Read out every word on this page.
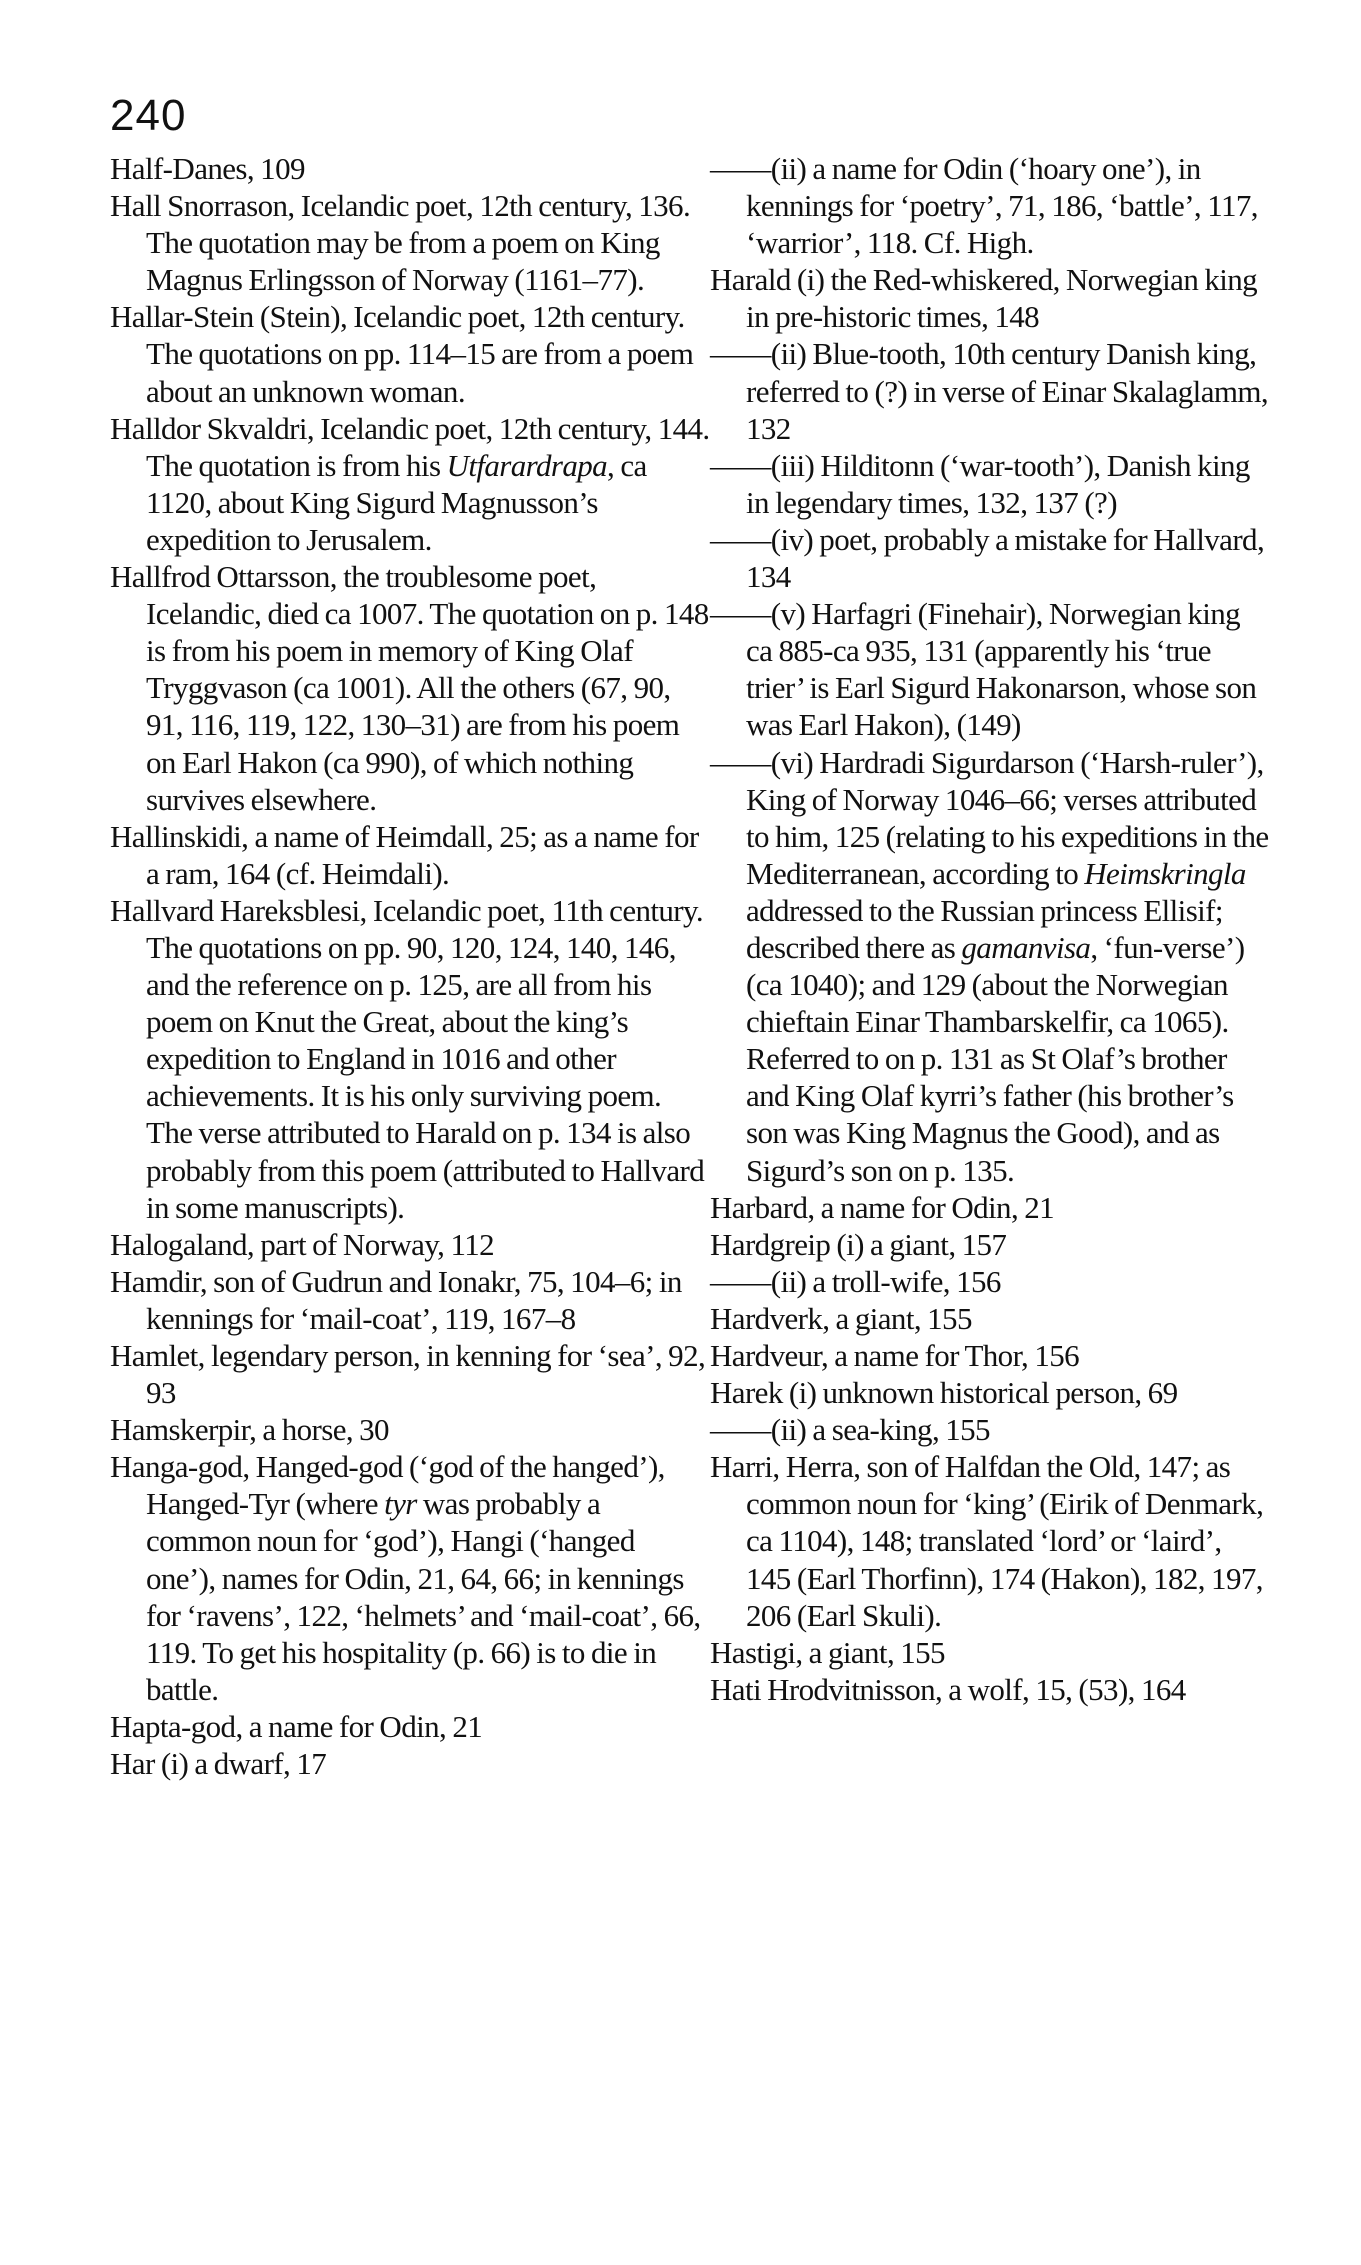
240

Half-Danes, 109

Hall Snorrason, Icelandic poet, 12th century, 136. The quotation may be from a poem on King Magnus Erlingsson of Norway (1161–77).

Hallar-Stein (Stein), Icelandic poet, 12th century. The quotations on pp. 114–15 are from a poem about an unknown woman.

Halldor Skvaldri, Icelandic poet, 12th century, 144. The quotation is from his Utfarardrapa, ca 1120, about King Sigurd Magnusson’s expedition to Jerusalem.

Hallfrod Ottarsson, the troublesome poet, Icelandic, died ca 1007. The quotation on p. 148 is from his poem in memory of King Olaf Tryggvason (ca 1001). All the others (67, 90, 91, 116, 119, 122, 130–31) are from his poem on Earl Hakon (ca 990), of which nothing survives elsewhere.

Hallinskidi, a name of Heimdall, 25; as a name for a ram, 164 (cf. Heimdali).

Hallvard Hareksblesi, Icelandic poet, 11th century. The quotations on pp. 90, 120, 124, 140, 146, and the reference on p. 125, are all from his poem on Knut the Great, about the king’s expedition to England in 1016 and other achievements. It is his only surviving poem. The verse attributed to Harald on p. 134 is also probably from this poem (attributed to Hallvard in some manuscripts).

Halogaland, part of Norway, 112

Hamdir, son of Gudrun and Ionakr, 75, 104–6; in kennings for ‘mail-coat’, 119, 167–8

Hamlet, legendary person, in kenning for ‘sea’, 92, 93

Hamskerpir, a horse, 30

Hanga-god, Hanged-god (‘god of the hanged’), Hanged-Tyr (where tyr was probably a common noun for ‘god’), Hangi (‘hanged one’), names for Odin, 21, 64, 66; in kennings for ‘ravens’, 122, ‘helmets’ and ‘mail-coat’, 66, 119. To get his hospitality (p. 66) is to die in battle.

Hapta-god, a name for Odin, 21

Har (i) a dwarf, 17

——(ii) a name for Odin (‘hoary one’), in kennings for ‘poetry’, 71, 186, ‘battle’, 117, ‘warrior’, 118. Cf. High.

Harald (i) the Red-whiskered, Norwegian king in pre-historic times, 148

——(ii) Blue-tooth, 10th century Danish king, referred to (?) in verse of Einar Skalaglamm, 132

——(iii) Hilditonn (‘war-tooth’), Danish king in legendary times, 132, 137 (?)

——(iv) poet, probably a mistake for Hallvard, 134

——(v) Harfagri (Finehair), Norwegian king ca 885-ca 935, 131 (apparently his ‘true trier’ is Earl Sigurd Hakonarson, whose son was Earl Hakon), (149)

——(vi) Hardradi Sigurdarson (‘Harsh-ruler’), King of Norway 1046–66; verses attributed to him, 125 (relating to his expeditions in the Mediterranean, according to Heimskringla addressed to the Russian princess Ellisif; described there as gamanvisa, ‘fun-verse’) (ca 1040); and 129 (about the Norwegian chieftain Einar Thambarskelfir, ca 1065). Referred to on p. 131 as St Olaf’s brother and King Olaf kyrri’s father (his brother’s son was King Magnus the Good), and as Sigurd’s son on p. 135.

Harbard, a name for Odin, 21

Hardgreip (i) a giant, 157

——(ii) a troll-wife, 156

Hardverk, a giant, 155

Hardveur, a name for Thor, 156

Harek (i) unknown historical person, 69

——(ii) a sea-king, 155

Harri, Herra, son of Halfdan the Old, 147; as common noun for ‘king’ (Eirik of Denmark, ca 1104), 148; translated ‘lord’ or ‘laird’, 145 (Earl Thorfinn), 174 (Hakon), 182, 197, 206 (Earl Skuli).

Hastigi, a giant, 155

Hati Hrodvitnisson, a wolf, 15, (53), 164
